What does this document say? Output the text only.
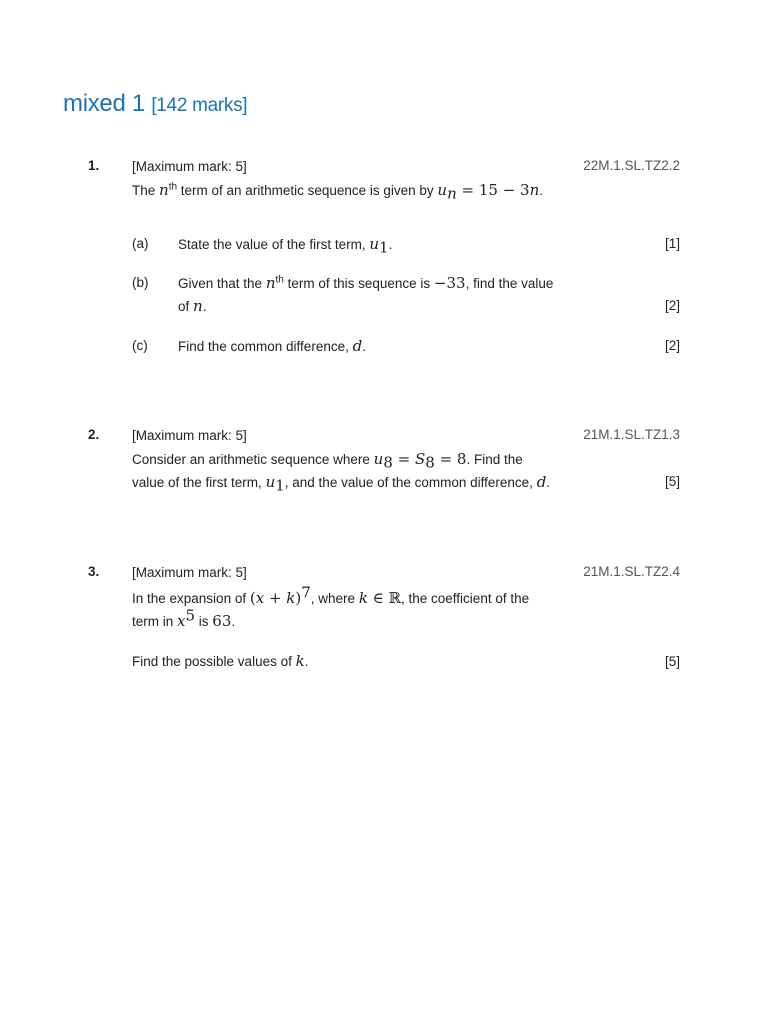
mixed 1 [142 marks]
1. [Maximum mark: 5]	22M.1.SL.TZ2.2
The $n^{th}$ term of an arithmetic sequence is given by $u_n = 15 - 3n$.
(a) State the value of the first term, $u_1$.	[1]
(b) Given that the $n^{th}$ term of this sequence is −33, find the value
of n.	[2]
(c) Find the common difference, d.	[2]
2. [Maximum mark: 5]	21M.1.SL.TZ1.3
Consider an arithmetic sequence where $u_8 = S_8 = 8$. Find the
value of the first term, $u_1$, and the value of the common difference, d.	[5]
3. [Maximum mark: 5]	21M.1.SL.TZ2.4
In the expansion of $(x + k)^7$, where k ∈ ℝ, the coefficient of the
term in $x^5$ is 63.
Find the possible values of k.	[5]
